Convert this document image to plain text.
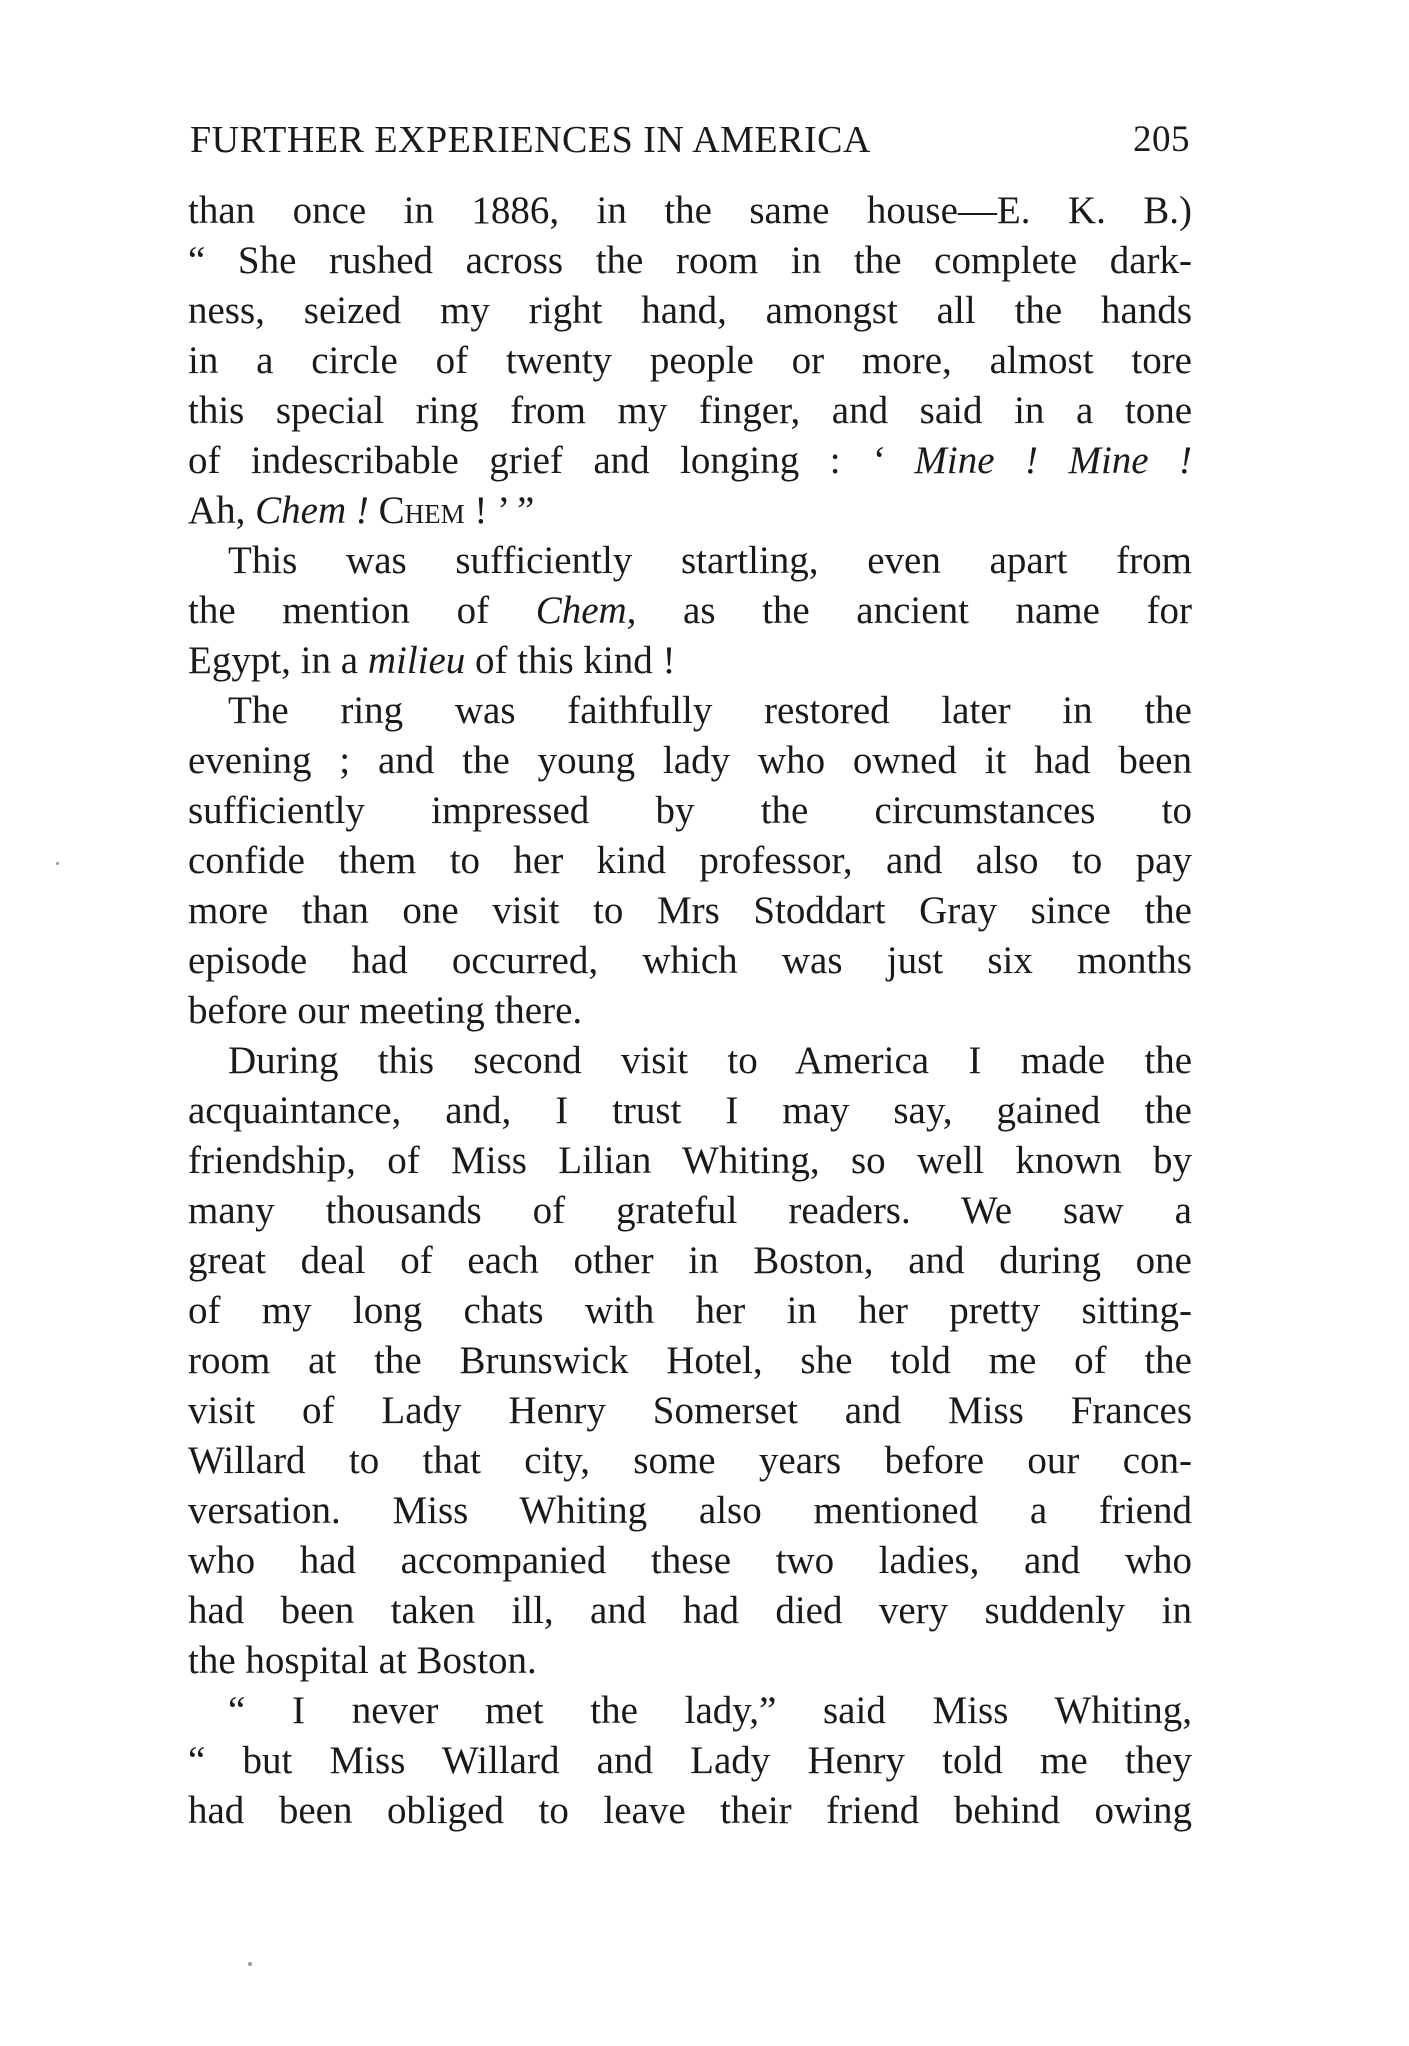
FURTHER EXPERIENCES IN AMERICA	205
than once in 1886, in the same house—E. K. B.)
“ She rushed across the room in the complete dark-
ness, seized my right hand, amongst all the hands
in a circle of twenty people or more, almost tore
this special ring from my finger, and said in a tone
of indescribable grief and longing : ‘ Mine ! Mine !
Ah, Chem ! Chem ! ’ ”
This was sufficiently startling, even apart from
the mention of Chem, as the ancient name for
Egypt, in a milieu of this kind !
The ring was faithfully restored later in the
evening ; and the young lady who owned it had been
sufficiently impressed by the circumstances to
confide them to her kind professor, and also to pay
more than one visit to Mrs Stoddart Gray since the
episode had occurred, which was just six months
before our meeting there.
During this second visit to America I made the
acquaintance, and, I trust I may say, gained the
friendship, of Miss Lilian Whiting, so well known by
many thousands of grateful readers. We saw a
great deal of each other in Boston, and during one
of my long chats with her in her pretty sitting-
room at the Brunswick Hotel, she told me of the
visit of Lady Henry Somerset and Miss Frances
Willard to that city, some years before our con-
versation. Miss Whiting also mentioned a friend
who had accompanied these two ladies, and who
had been taken ill, and had died very suddenly in
the hospital at Boston.
“ I never met the lady,” said Miss Whiting,
“ but Miss Willard and Lady Henry told me they
had been obliged to leave their friend behind owing
